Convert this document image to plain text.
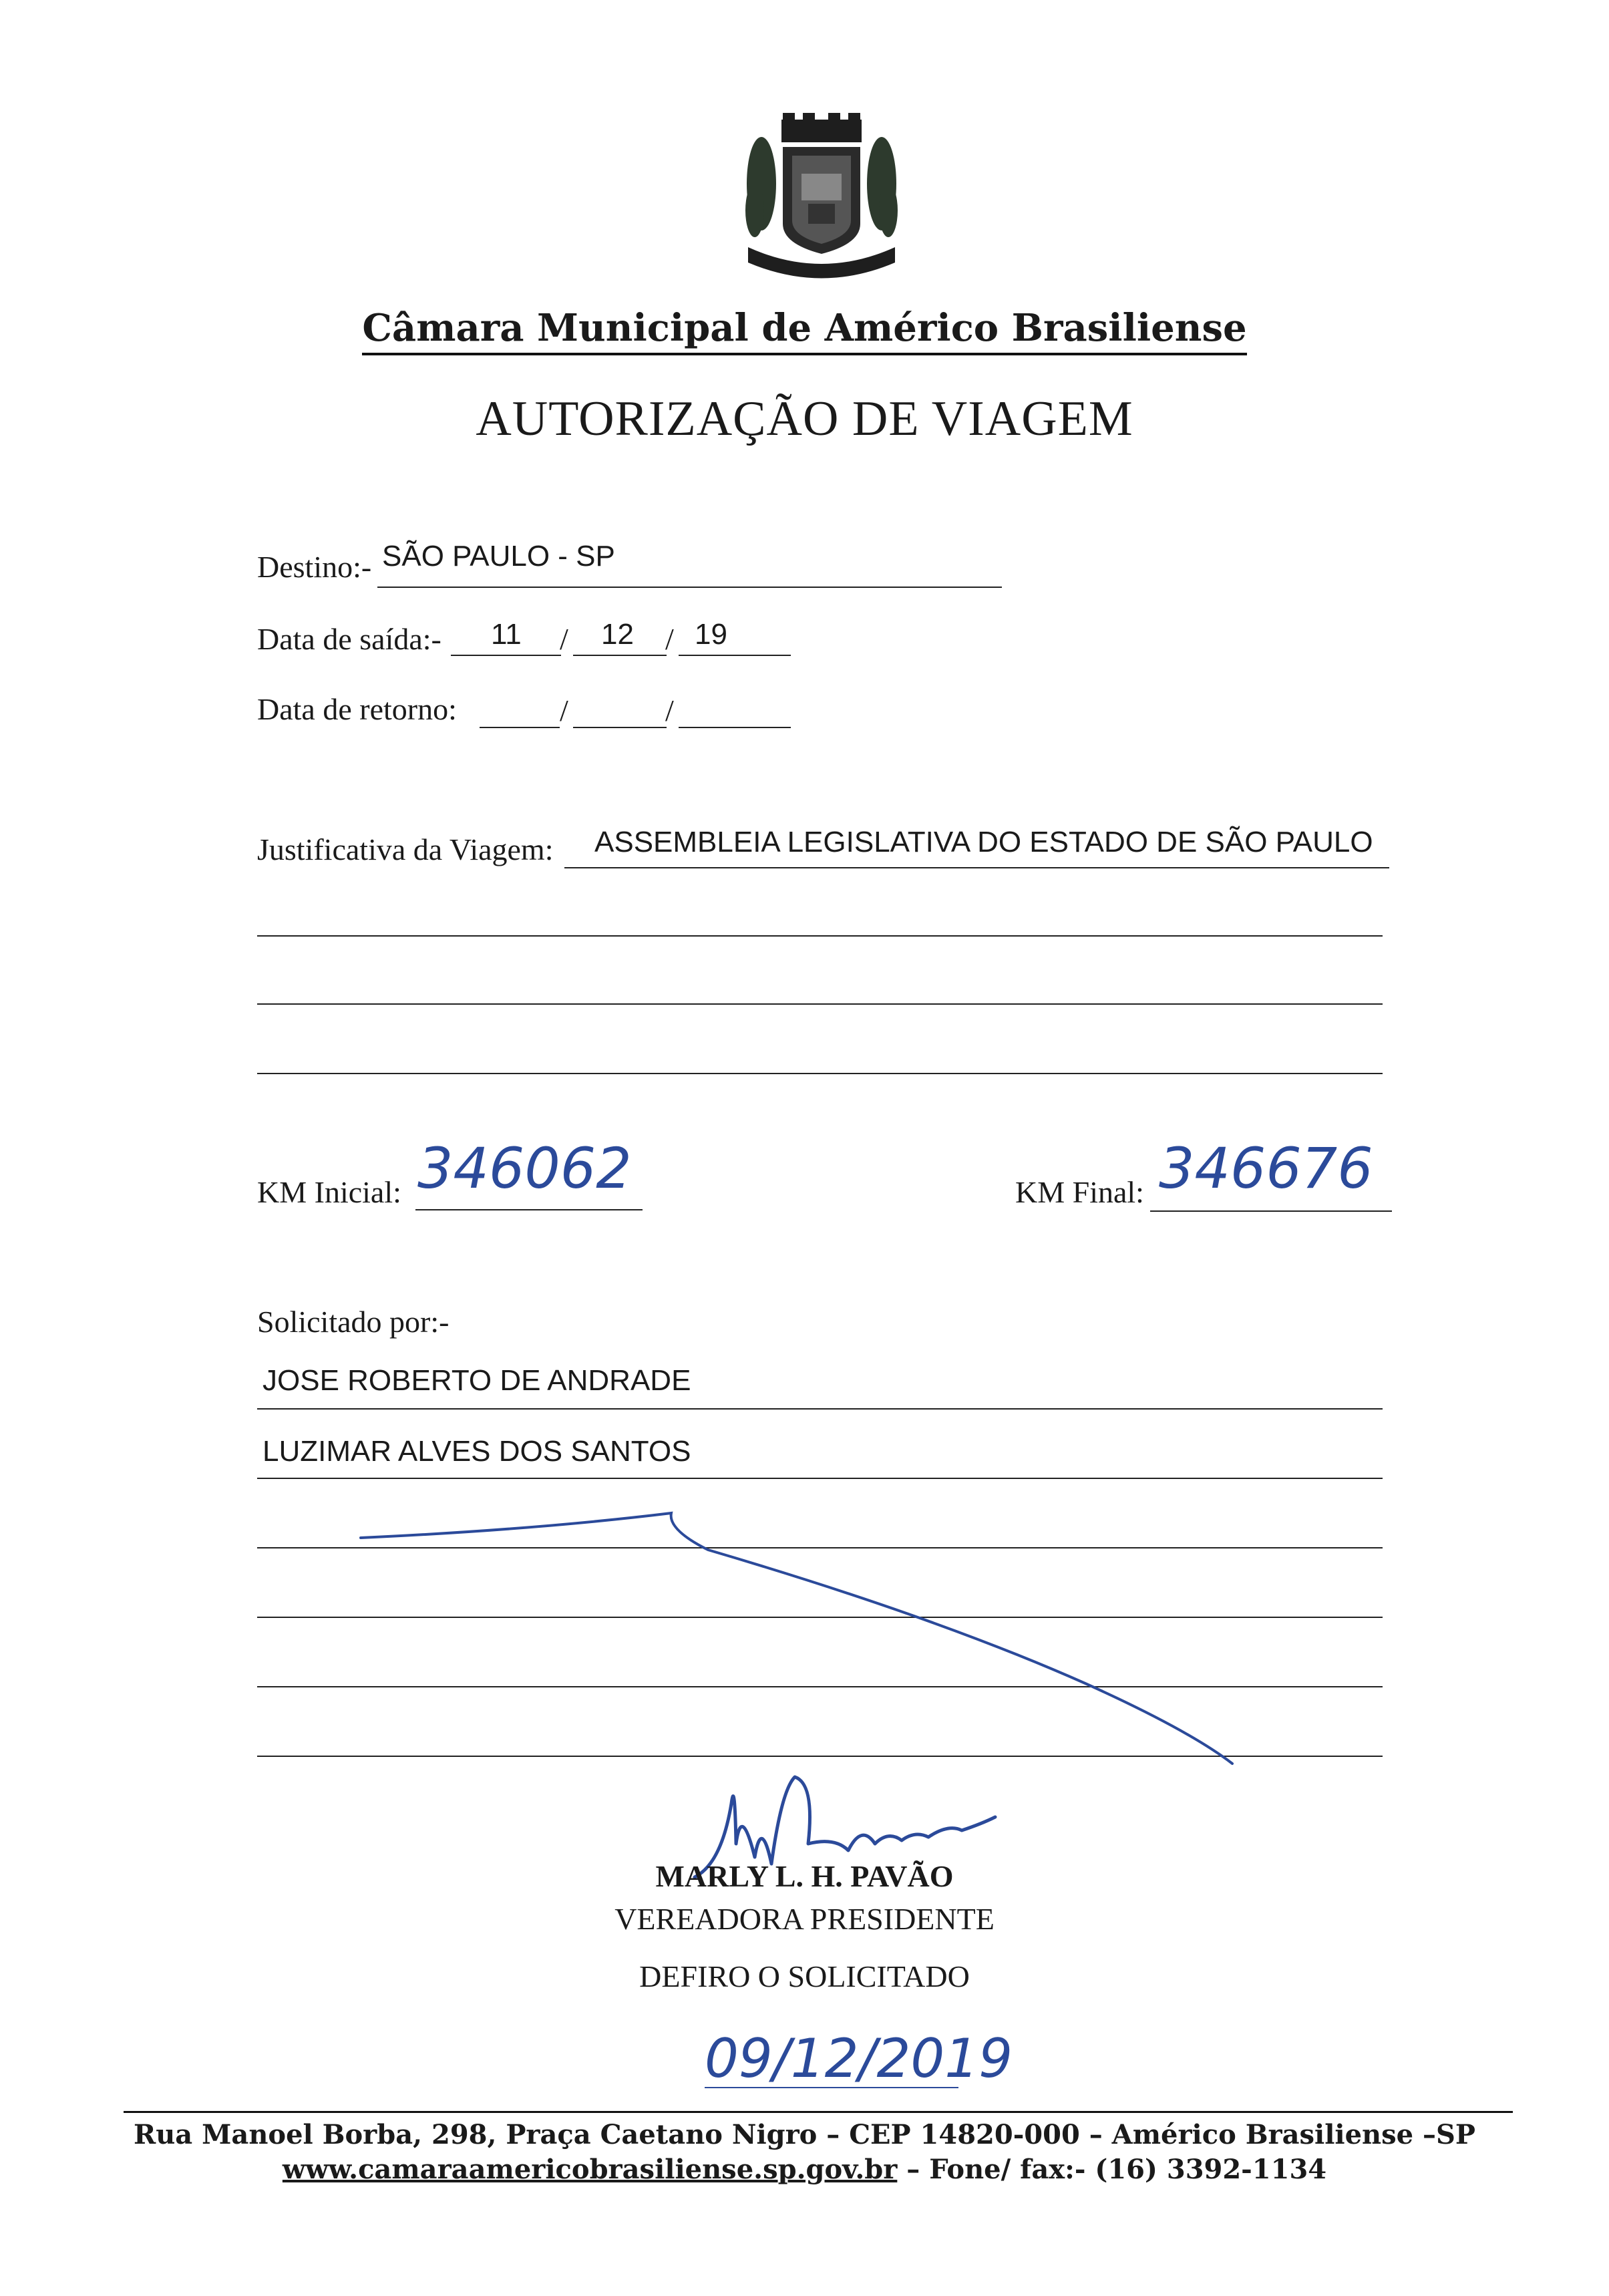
Câmara Municipal de Américo Brasiliense
AUTORIZAÇÃO DE VIAGEM
Destino:- SÃO PAULO - SP
Data de saída:- 11 / 12 / 19
Data de retorno:	/	/
Justificativa da Viagem: ASSEMBLEIA LEGISLATIVA DO ESTADO DE SÃO PAULO
KM Inicial: 346062	KM Final: 346676
Solicitado por:-
JOSE ROBERTO DE ANDRADE
LUZIMAR ALVES DOS SANTOS
MARLY L. H. PAVÃO
VEREADORA PRESIDENTE
DEFIRO O SOLICITADO
09/12/2019
Rua Manoel Borba, 298, Praça Caetano Nigro – CEP 14820-000 – Américo Brasiliense –SP
www.camaraamericobrasiliense.sp.gov.br – Fone/ fax:- (16) 3392-1134
